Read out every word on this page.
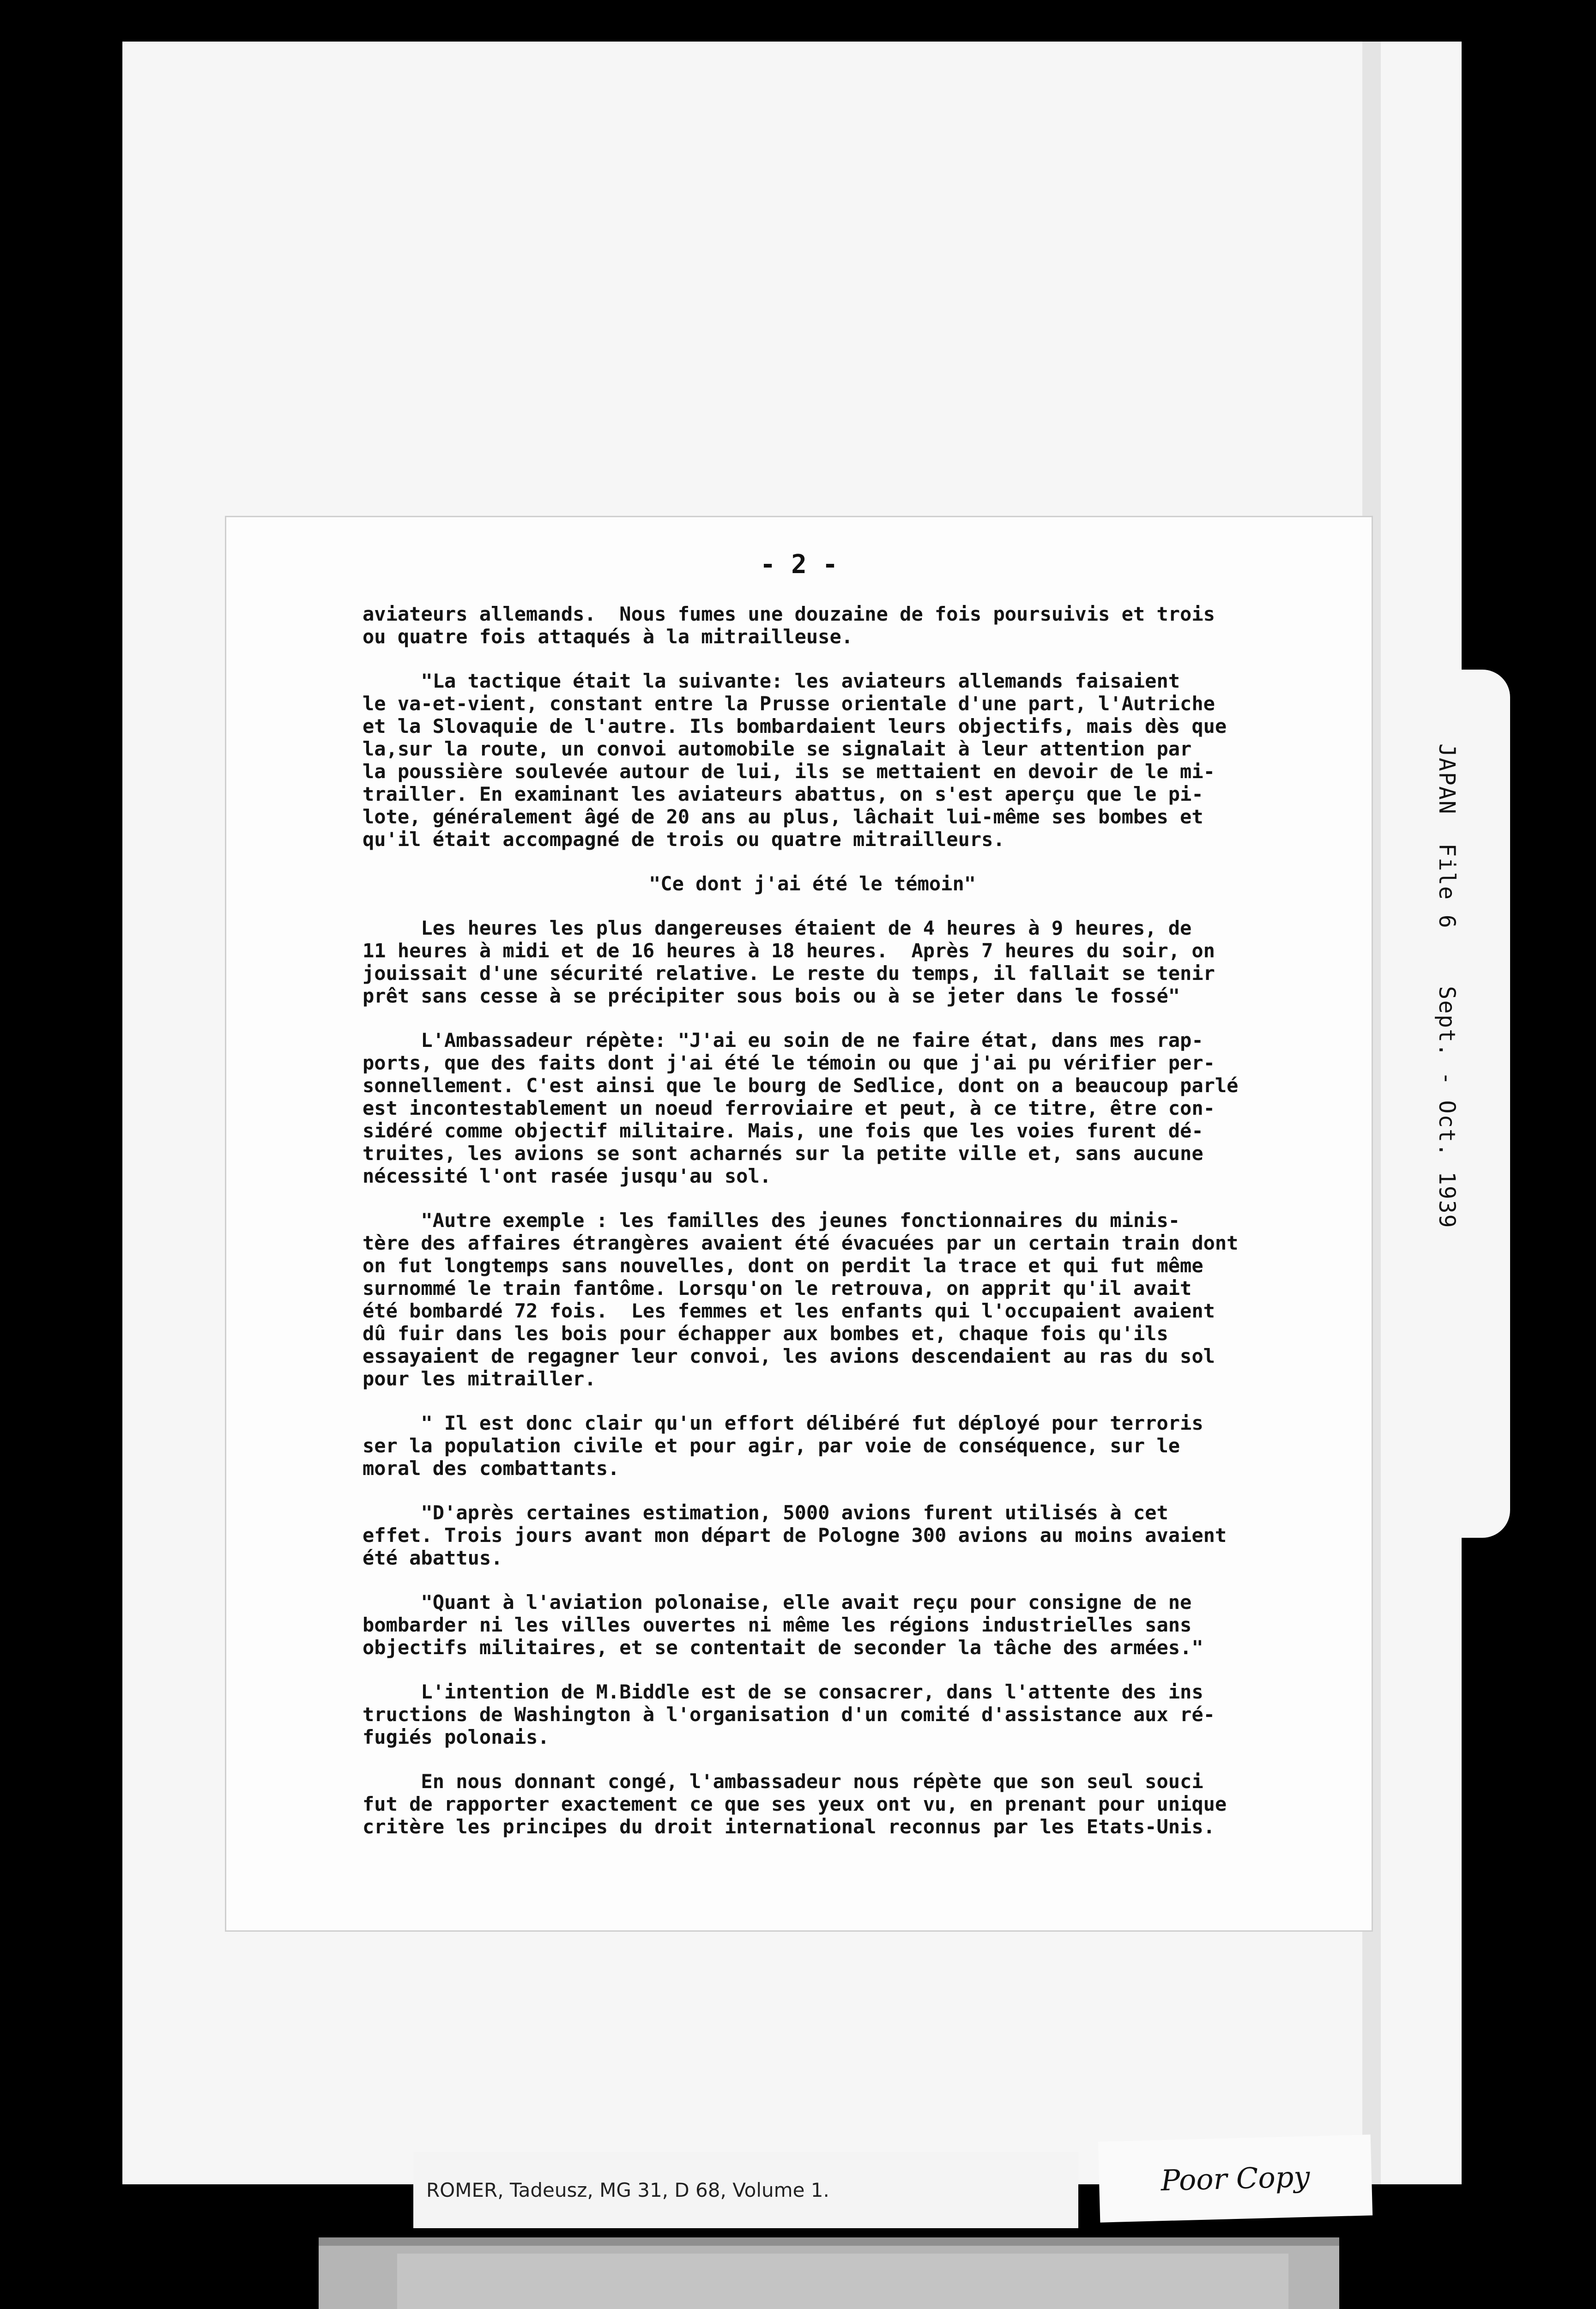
JAPAN  File 6    Sept. - Oct. 1939
- 2 -

aviateurs allemands.  Nous fumes une douzaine de fois poursuivis et trois
ou quatre fois attaqués à la mitrailleuse.

"La tactique était la suivante: les aviateurs allemands faisaient
le va-et-vient, constant entre la Prusse orientale d'une part, l'Autriche
et la Slovaquie de l'autre. Ils bombardaient leurs objectifs, mais dès que
la,sur la route, un convoi automobile se signalait à leur attention par
la poussière soulevée autour de lui, ils se mettaient en devoir de le mi-
trailler. En examinant les aviateurs abattus, on s'est aperçu que le pi-
lote, généralement âgé de 20 ans au plus, lâchait lui-même ses bombes et
qu'il était accompagné de trois ou quatre mitrailleurs.

"Ce dont j'ai été le témoin"

Les heures les plus dangereuses étaient de 4 heures à 9 heures, de
11 heures à midi et de 16 heures à 18 heures.  Après 7 heures du soir, on
jouissait d'une sécurité relative. Le reste du temps, il fallait se tenir
prêt sans cesse à se précipiter sous bois ou à se jeter dans le fossé"

L'Ambassadeur répète: "J'ai eu soin de ne faire état, dans mes rap-
ports, que des faits dont j'ai été le témoin ou que j'ai pu vérifier per-
sonnellement. C'est ainsi que le bourg de Sedlice, dont on a beaucoup parlé
est incontestablement un noeud ferroviaire et peut, à ce titre, être con-
sidéré comme objectif militaire. Mais, une fois que les voies furent dé-
truites, les avions se sont acharnés sur la petite ville et, sans aucune
nécessité l'ont rasée jusqu'au sol.

"Autre exemple : les familles des jeunes fonctionnaires du minis-
tère des affaires étrangères avaient été évacuées par un certain train dont
on fut longtemps sans nouvelles, dont on perdit la trace et qui fut même
surnommé le train fantôme. Lorsqu'on le retrouva, on apprit qu'il avait
été bombardé 72 fois.  Les femmes et les enfants qui l'occupaient avaient
dû fuir dans les bois pour échapper aux bombes et, chaque fois qu'ils
essayaient de regagner leur convoi, les avions descendaient au ras du sol
pour les mitrailler.

" Il est donc clair qu'un effort délibéré fut déployé pour terroris
ser la population civile et pour agir, par voie de conséquence, sur le
moral des combattants.

"D'après certaines estimation, 5000 avions furent utilisés à cet
effet. Trois jours avant mon départ de Pologne 300 avions au moins avaient
été abattus.

"Quant à l'aviation polonaise, elle avait reçu pour consigne de ne
bombarder ni les villes ouvertes ni même les régions industrielles sans
objectifs militaires, et se contentait de seconder la tâche des armées."

L'intention de M.Biddle est de se consacrer, dans l'attente des ins
tructions de Washington à l'organisation d'un comité d'assistance aux ré-
fugiés polonais.

En nous donnant congé, l'ambassadeur nous répète que son seul souci
fut de rapporter exactement ce que ses yeux ont vu, en prenant pour unique
critère les principes du droit international reconnus par les Etats-Unis.

ROMER, Tadeusz, MG 31, D 68, Volume 1.	Poor Copy
